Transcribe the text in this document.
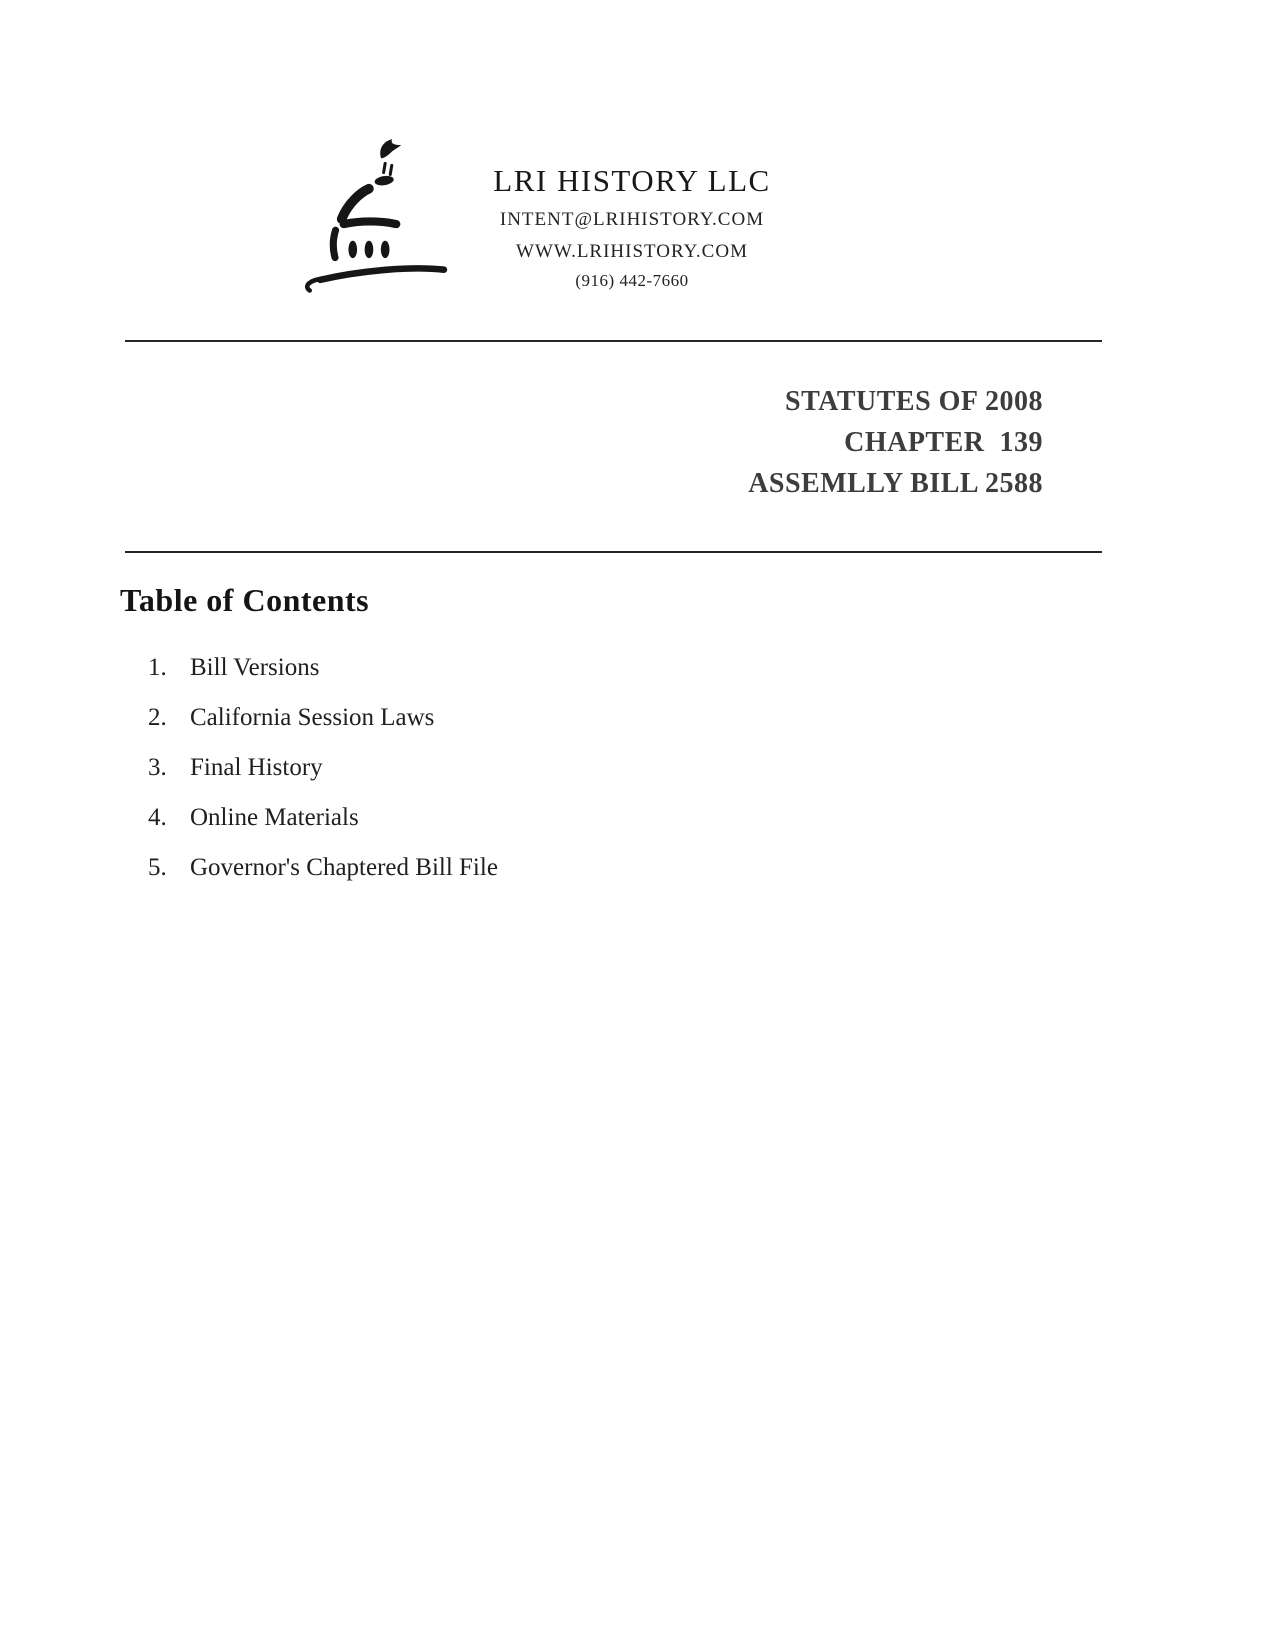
LRI HISTORY LLC
INTENT@LRIHISTORY.COM
WWW.LRIHISTORY.COM
(916) 442-7660
STATUTES OF 2008
CHAPTER  139
ASSEMLLY BILL 2588
Table of Contents
1. Bill Versions
2. California Session Laws
3. Final History
4. Online Materials
5. Governor's Chaptered Bill File
